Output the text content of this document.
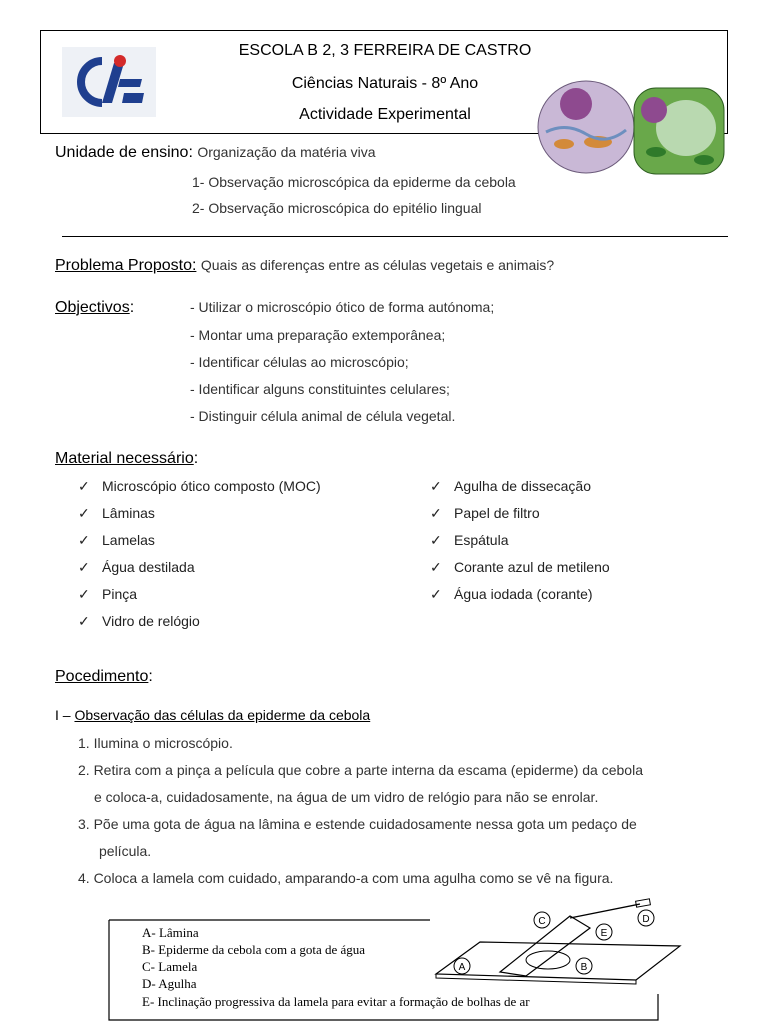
ESCOLA B 2, 3 FERREIRA DE CASTRO
Ciências Naturais - 8º Ano
Actividade Experimental
Unidade de ensino: Organização da matéria viva
1- Observação microscópica da epiderme da cebola
2- Observação microscópica do epitélio lingual
Problema Proposto: Quais as diferenças entre as células vegetais e animais?
Objectivos:	- Utilizar o microscópio ótico de forma autónoma;
- Montar uma preparação extemporânea;
- Identificar células ao microscópio;
- Identificar alguns constituintes celulares;
- Distinguir célula animal de célula vegetal.
Material necessário:
✓ Microscópio ótico composto (MOC)
✓ Lâminas
✓ Lamelas
✓ Água destilada
✓ Pinça
✓ Vidro de relógio
✓ Agulha de dissecação
✓ Papel de filtro
✓ Espátula
✓ Corante azul de metileno
✓ Água iodada (corante)
Pocedimento:
I – Observação das células da epiderme da cebola
1. Ilumina o microscópio.
2. Retira com a pinça a película que cobre a parte interna da escama (epiderme) da cebola
e coloca-a, cuidadosamente, na água de um vidro de relógio para não se enrolar.
3. Põe uma gota de água na lâmina e estende cuidadosamente nessa gota um pedaço de
película.
4. Coloca a lamela com cuidado, amparando-a com uma agulha como se vê na figura.
A- Lâmina
B- Epiderme da cebola com a gota de água
C- Lamela
D- Agulha
E- Inclinação progressiva da lamela para evitar a formação de bolhas de ar
A	B
C	D
E
